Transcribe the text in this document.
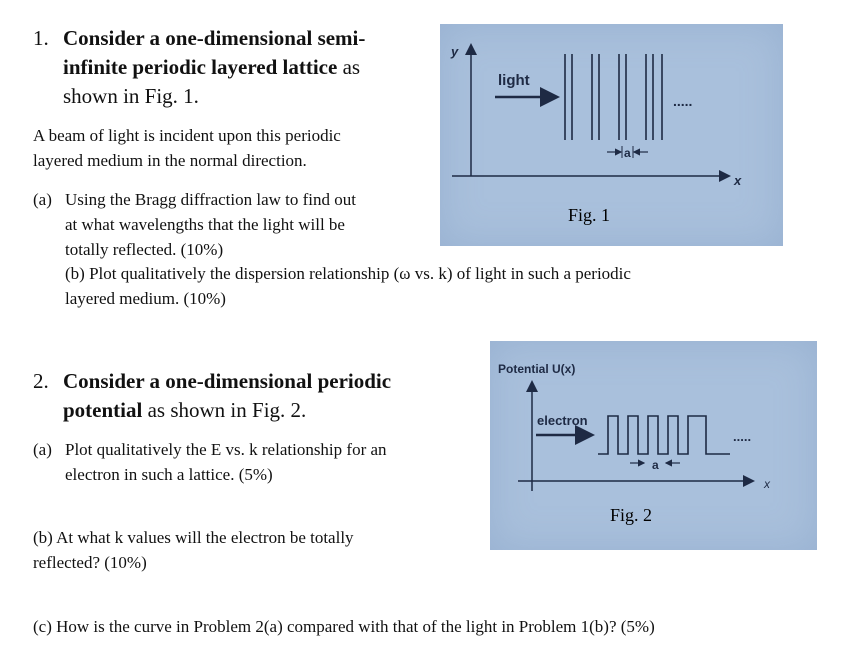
1. Consider a one-dimensional semi-
infinite periodic layered lattice as
shown in Fig. 1.
A beam of light is incident upon this periodic
layered medium in the normal direction.
(a) Using the Bragg diffraction law to find out
at what wavelengths that the light will be
totally reflected. (10%)
(b) Plot qualitatively the dispersion relationship (ω vs. k) of light in such a periodic
layered medium. (10%)
y
x
light
.....
a
Fig. 1
2. Consider a one-dimensional periodic
potential as shown in Fig. 2.
(a) Plot qualitatively the E vs. k relationship for an
electron in such a lattice. (5%)
(b) At what k values will the electron be totally
reflected? (10%)
(c) How is the curve in Problem 2(a) compared with that of the light in Problem 1(b)? (5%)
Potential U(x)
x
electron
.....
a
Fig. 2
